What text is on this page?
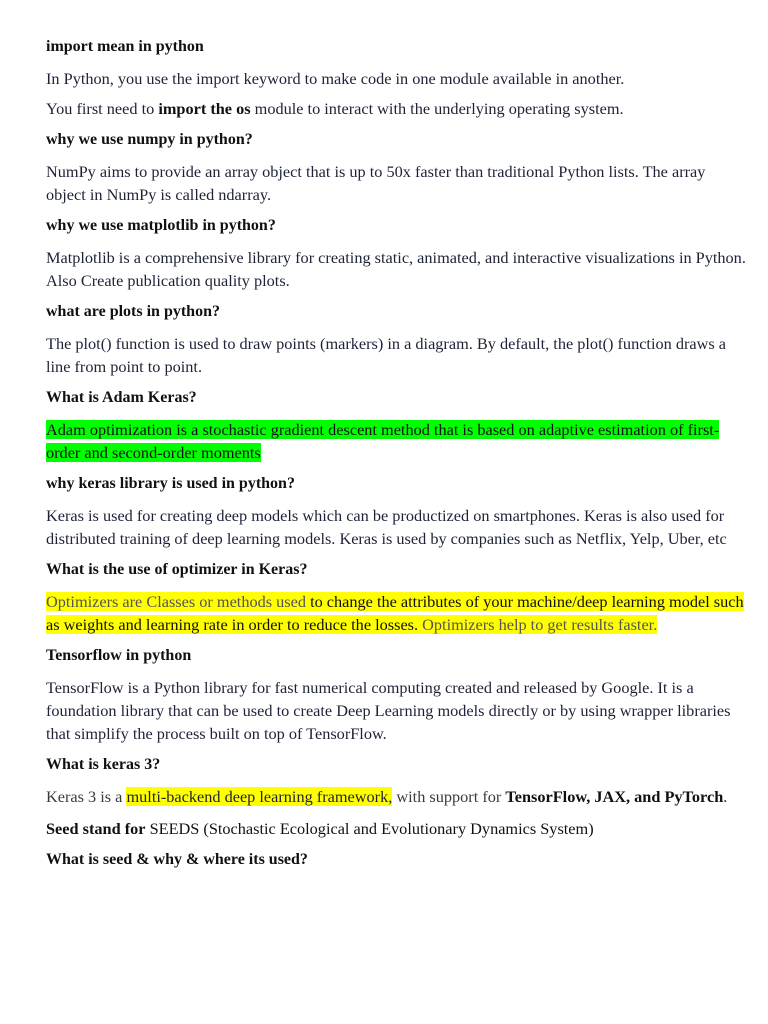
import mean in python

In Python, you use the import keyword to make code in one module available in another.

You first need to import the os module to interact with the underlying operating system.

why we use numpy in python?

NumPy aims to provide an array object that is up to 50x faster than traditional Python lists. The array object in NumPy is called ndarray.

why we use matplotlib in python?

Matplotlib is a comprehensive library for creating static, animated, and interactive visualizations in Python. Also Create publication quality plots.

what are plots in python?

The plot() function is used to draw points (markers) in a diagram. By default, the plot() function draws a line from point to point.

What is Adam Keras?

Adam optimization is a stochastic gradient descent method that is based on adaptive estimation of first-order and second-order moments

why keras library is used in python?

Keras is used for creating deep models which can be productized on smartphones. Keras is also used for distributed training of deep learning models. Keras is used by companies such as Netflix, Yelp, Uber, etc

What is the use of optimizer in Keras?

Optimizers are Classes or methods used to change the attributes of your machine/deep learning model such as weights and learning rate in order to reduce the losses. Optimizers help to get results faster.

Tensorflow in python

TensorFlow is a Python library for fast numerical computing created and released by Google. It is a foundation library that can be used to create Deep Learning models directly or by using wrapper libraries that simplify the process built on top of TensorFlow.

What is keras 3?

Keras 3 is a multi-backend deep learning framework, with support for TensorFlow, JAX, and PyTorch.

Seed stand for SEEDS (Stochastic Ecological and Evolutionary Dynamics System)

What is seed & why & where its used?
